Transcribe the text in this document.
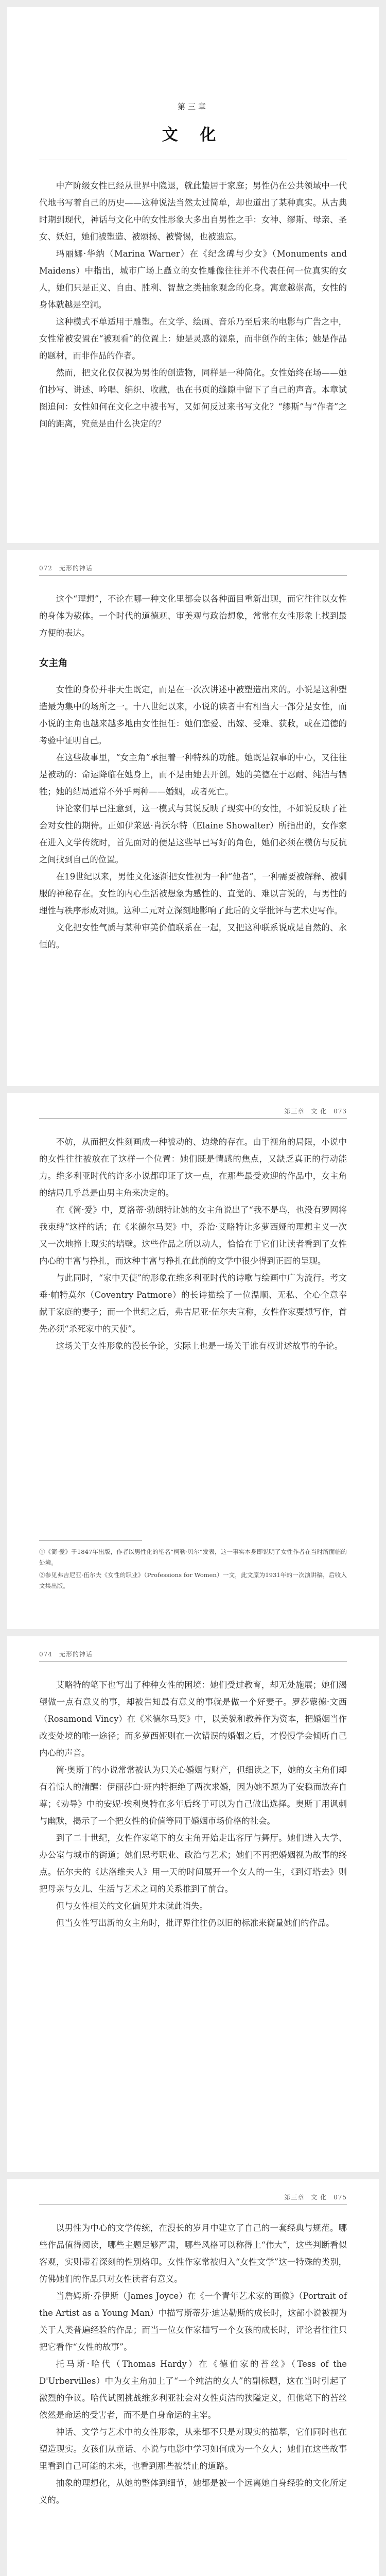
第三章
文 化

中产阶级女性已经从世界中隐退，就此蛰居于家庭；男性仍在公共领域中一代代地书写着自己的历史——这种说法当然太过简单，却也道出了某种真实。从古典时期到现代，神话与文化中的女性形象大多出自男性之手：女神、缪斯、母亲、圣女、妖妇，她们被塑造、被颂扬、被警惕，也被遗忘。

玛丽娜·华纳（Marina Warner）在《纪念碑与少女》（Monuments and Maidens）中指出，城市广场上矗立的女性雕像往往并不代表任何一位真实的女人，她们只是正义、自由、胜利、智慧之类抽象观念的化身。寓意越崇高，女性的身体就越是空洞。

这种模式不单适用于雕塑。在文学、绘画、音乐乃至后来的电影与广告之中，女性常被安置在“被观看”的位置上：她是灵感的源泉，而非创作的主体；她是作品的题材，而非作品的作者。

然而，把文化仅仅视为男性的创造物，同样是一种简化。女性始终在场——她们抄写、讲述、吟唱、编织、收藏，也在书页的缝隙中留下了自己的声音。本章试图追问：女性如何在文化之中被书写，又如何反过来书写文化？“缪斯”与“作者”之间的距离，究竟是由什么决定的？

072　无形的神话

这个“理想”，不论在哪一种文化里都会以各种面目重新出现，而它往往以女性的身体为载体。一个时代的道德观、审美观与政治想象，常常在女性形象上找到最方便的表达。

女主角

女性的身份并非天生既定，而是在一次次讲述中被塑造出来的。小说是这种塑造最为集中的场所之一。十八世纪以来，小说的读者中有相当大一部分是女性，而小说的主角也越来越多地由女性担任：她们恋爱、出嫁、受难、获救，或在道德的考验中证明自己。

在这些故事里，“女主角”承担着一种特殊的功能。她既是叙事的中心，又往往是被动的：命运降临在她身上，而不是由她去开创。她的美德在于忍耐、纯洁与牺牲；她的结局通常不外乎两种——婚姻，或者死亡。

评论家们早已注意到，这一模式与其说反映了现实中的女性，不如说反映了社会对女性的期待。正如伊莱恩·肖沃尔特（Elaine Showalter）所指出的，女作家在进入文学传统时，首先面对的便是这些早已写好的角色，她们必须在模仿与反抗之间找到自己的位置。

在19世纪以来，男性文化逐渐把女性视为一种“他者”，一种需要被解释、被驯服的神秘存在。女性的内心生活被想象为感性的、直觉的、难以言说的，与男性的理性与秩序形成对照。这种二元对立深刻地影响了此后的文学批评与艺术史写作。

文化把女性气质与某种审美价值联系在一起，又把这种联系说成是自然的、永恒的。

第三章　文 化　073

不妨，从而把女性刻画成一种被动的、边缘的存在。由于视角的局限，小说中的女性往往被放在了这样一个位置：她们既是情感的焦点，又缺乏真正的行动能力。维多利亚时代的许多小说都印证了这一点，在那些最受欢迎的作品中，女主角的结局几乎总是由男主角来决定的。

在《简·爱》中，夏洛蒂·勃朗特让她的女主角说出了“我不是鸟，也没有罗网将我束缚”这样的话；在《米德尔马契》中，乔治·艾略特让多萝西娅的理想主义一次又一次地撞上现实的墙壁。这些作品之所以动人，恰恰在于它们让读者看到了女性内心的丰富与挣扎，而这种丰富与挣扎在此前的文学中很少得到正面的呈现。

与此同时，“家中天使”的形象在维多利亚时代的诗歌与绘画中广为流行。考文垂·帕特莫尔（Coventry Patmore）的长诗描绘了一位温顺、无私、全心全意奉献于家庭的妻子；而一个世纪之后，弗吉尼亚·伍尔夫宣称，女性作家要想写作，首先必须“杀死家中的天使”。

这场关于女性形象的漫长争论，实际上也是一场关于谁有权讲述故事的争论。

①《简·爱》于1847年出版，作者以男性化的笔名“柯勒·贝尔”发表，这一事实本身即说明了女性作者在当时所面临的处境。

②参见弗吉尼亚·伍尔夫《女性的职业》（Professions for Women）一文，此文原为1931年的一次演讲稿，后收入文集出版。

074　无形的神话

艾略特的笔下也写出了种种女性的困境：她们受过教育，却无处施展；她们渴望做一点有意义的事，却被告知最有意义的事就是做一个好妻子。罗莎蒙德·文西（Rosamond Vincy）在《米德尔马契》中，以美貌和教养作为资本，把婚姻当作改变处境的唯一途径；而多萝西娅则在一次错误的婚姻之后，才慢慢学会倾听自己内心的声音。

简·奥斯丁的小说常常被认为只关心婚姻与财产，但细读之下，她的女主角们却有着惊人的清醒：伊丽莎白·班内特拒绝了两次求婚，因为她不愿为了安稳而放弃自尊；《劝导》中的安妮·埃利奥特在多年后终于可以为自己做出选择。奥斯丁用讽刺与幽默，揭示了一个把女性的价值等同于婚姻市场价格的社会。

到了二十世纪，女性作家笔下的女主角开始走出客厅与舞厅。她们进入大学、办公室与城市的街道；她们思考职业、政治与艺术；她们不再把婚姻视为故事的终点。伍尔夫的《达洛维夫人》用一天的时间展开一个女人的一生，《到灯塔去》则把母亲与女儿、生活与艺术之间的关系推到了前台。

但与女性相关的文化偏见并未就此消失。

但当女性写出新的女主角时，批评界往往仍以旧的标准来衡量她们的作品。

第三章　文 化　075

以男性为中心的文学传统，在漫长的岁月中建立了自己的一套经典与规范。哪些作品值得阅读，哪些主题足够严肃，哪些风格可以称得上“伟大”，这些判断看似客观，实则带着深刻的性别烙印。女性作家常被归入“女性文学”这一特殊的类别，仿佛她们的作品只对女性读者有意义。

当詹姆斯·乔伊斯（James Joyce）在《一个青年艺术家的画像》（Portrait of the Artist as a Young Man）中描写斯蒂芬·迪达勒斯的成长时，这部小说被视为关于人类普遍经验的作品；而当一位女作家描写一个女孩的成长时，评论者往往只把它看作“女性的故事”。

托马斯·哈代（Thomas Hardy）在《德伯家的苔丝》（Tess of the D'Urbervilles）中为女主角加上了“一个纯洁的女人”的副标题，这在当时引起了激烈的争议。哈代试图挑战维多利亚社会对女性贞洁的狭隘定义，但他笔下的苔丝依然是命运的受害者，而不是自身命运的主宰。

神话、文学与艺术中的女性形象，从来都不只是对现实的描摹，它们同时也在塑造现实。女孩们从童话、小说与电影中学习如何成为一个女人；她们在这些故事里看到自己可能的未来，也看到那些被禁止的道路。

抽象的理想化，从她的整体到细节，她都是被一个远离她自身经验的文化所定义的。
